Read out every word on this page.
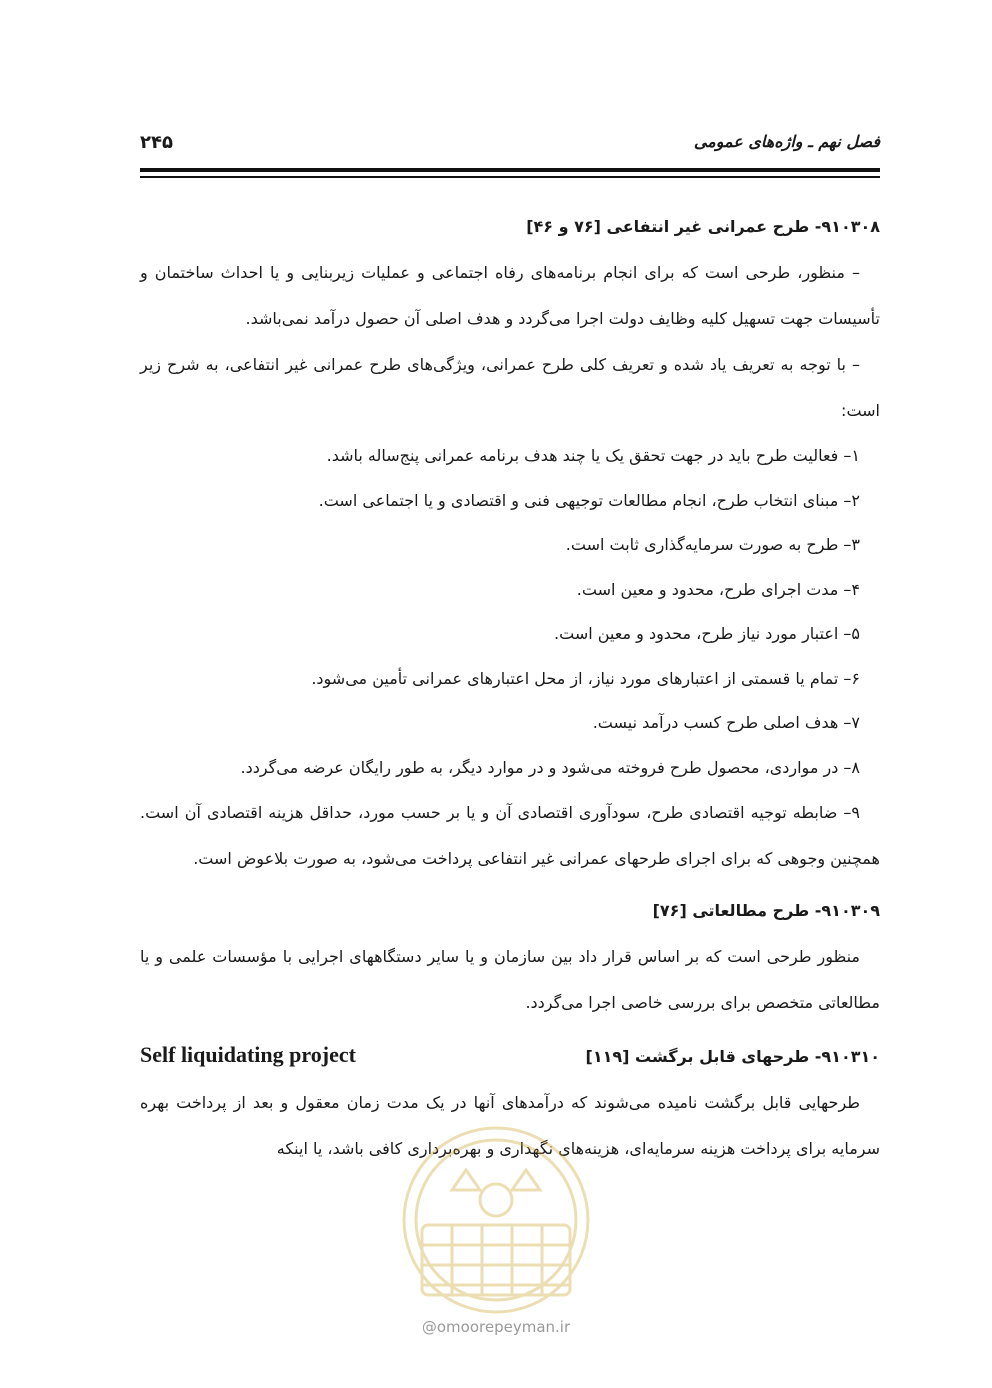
فصل نهم ـ واژه‌های عمومی
۲۴۵

۹۱۰۳۰۸- طرح عمرانی غیر انتفاعی [۷۶ و ۴۶]

– منظور، طرحی است که برای انجام برنامه‌های رفاه اجتماعی و عملیات زیربنایی و یا احداث ساختمان و تأسیسات جهت تسهیل کلیه وظایف دولت اجرا می‌گردد و هدف اصلی آن حصول درآمد نمی‌باشد.

– با توجه به تعریف یاد شده و تعریف کلی طرح عمرانی، ویژگی‌های طرح عمرانی غیر انتفاعی، به شرح زیر است:

۱– فعالیت طرح باید در جهت تحقق یک یا چند هدف برنامه عمرانی پنج‌ساله باشد.

۲– مبنای انتخاب طرح، انجام مطالعات توجیهی فنی و اقتصادی و یا اجتماعی است.

۳– طرح به صورت سرمایه‌گذاری ثابت است.

۴– مدت اجرای طرح، محدود و معین است.

۵– اعتبار مورد نیاز طرح، محدود و معین است.

۶– تمام یا قسمتی از اعتبارهای مورد نیاز، از محل اعتبارهای عمرانی تأمین می‌شود.

۷– هدف اصلی طرح کسب درآمد نیست.

۸– در مواردی، محصول طرح فروخته می‌شود و در موارد دیگر، به طور رایگان عرضه می‌گردد.

۹– ضابطه توجیه اقتصادی طرح، سودآوری اقتصادی آن و یا بر حسب مورد، حداقل هزینه اقتصادی آن است. همچنین وجوهی که برای اجرای طرحهای عمرانی غیر انتفاعی پرداخت می‌شود، به صورت بلاعوض است.

۹۱۰۳۰۹- طرح مطالعاتی [۷۶]

منظور طرحی است که بر اساس قرار داد بین سازمان و یا سایر دستگاههای اجرایی با مؤسسات علمی و یا مطالعاتی متخصص برای بررسی خاصی اجرا می‌گردد.

۹۱۰۳۱۰- طرحهای قابل برگشت [۱۱۹]
Self liquidating project

طرحهایی قابل برگشت نامیده می‌شوند که درآمدهای آنها در یک مدت زمان معقول و بعد از پرداخت بهره سرمایه برای پرداخت هزینه سرمایه‌ای، هزینه‌های نگهداری و بهره‌برداری کافی باشد، یا اینکه

@omoorepeyman.ir
